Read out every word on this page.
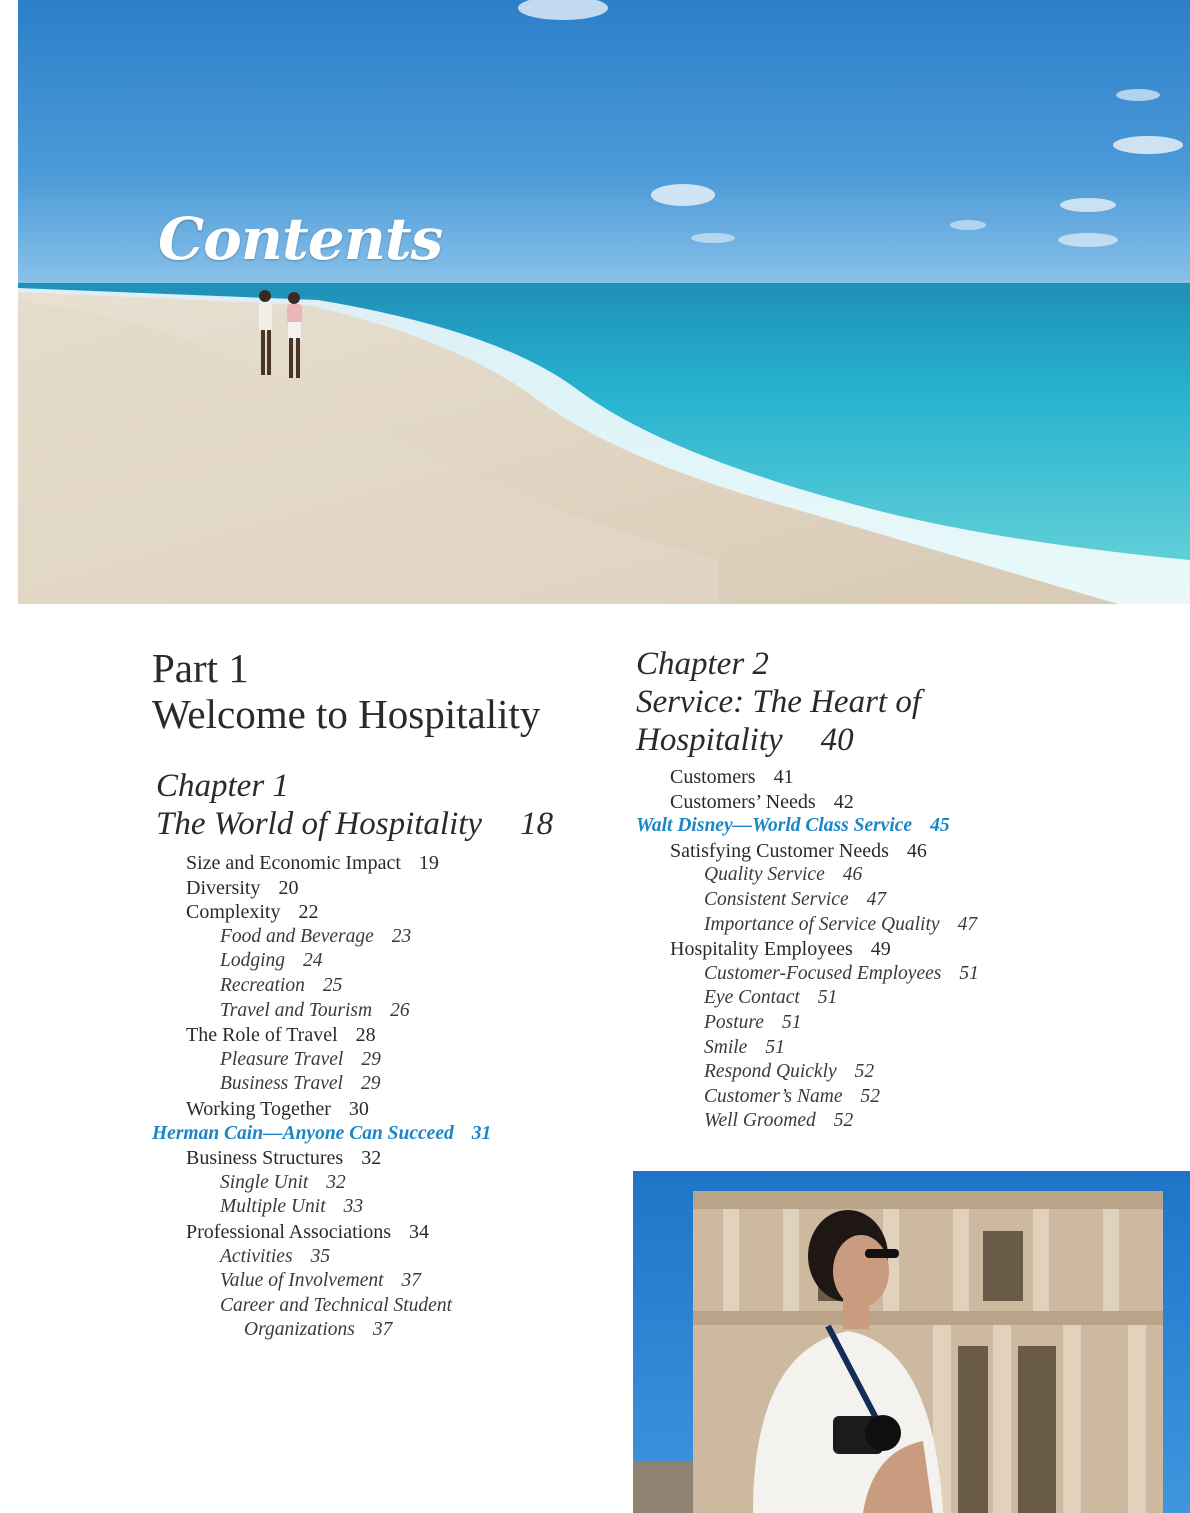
Contents
Part 1
Welcome to Hospitality
Chapter 1
The World of Hospitality 18
Size and Economic Impact 19
Diversity 20
Complexity 22
Food and Beverage 23
Lodging 24
Recreation 25
Travel and Tourism 26
The Role of Travel 28
Pleasure Travel 29
Business Travel 29
Working Together 30
Herman Cain—Anyone Can Succeed 31
Business Structures 32
Single Unit 32
Multiple Unit 33
Professional Associations 34
Activities 35
Value of Involvement 37
Career and Technical Student
Organizations 37
Chapter 2
Service: The Heart of
Hospitality 40
Customers 41
Customers’ Needs 42
Walt Disney—World Class Service 45
Satisfying Customer Needs 46
Quality Service 46
Consistent Service 47
Importance of Service Quality 47
Hospitality Employees 49
Customer-Focused Employees 51
Eye Contact 51
Posture 51
Smile 51
Respond Quickly 52
Customer’s Name 52
Well Groomed 52
